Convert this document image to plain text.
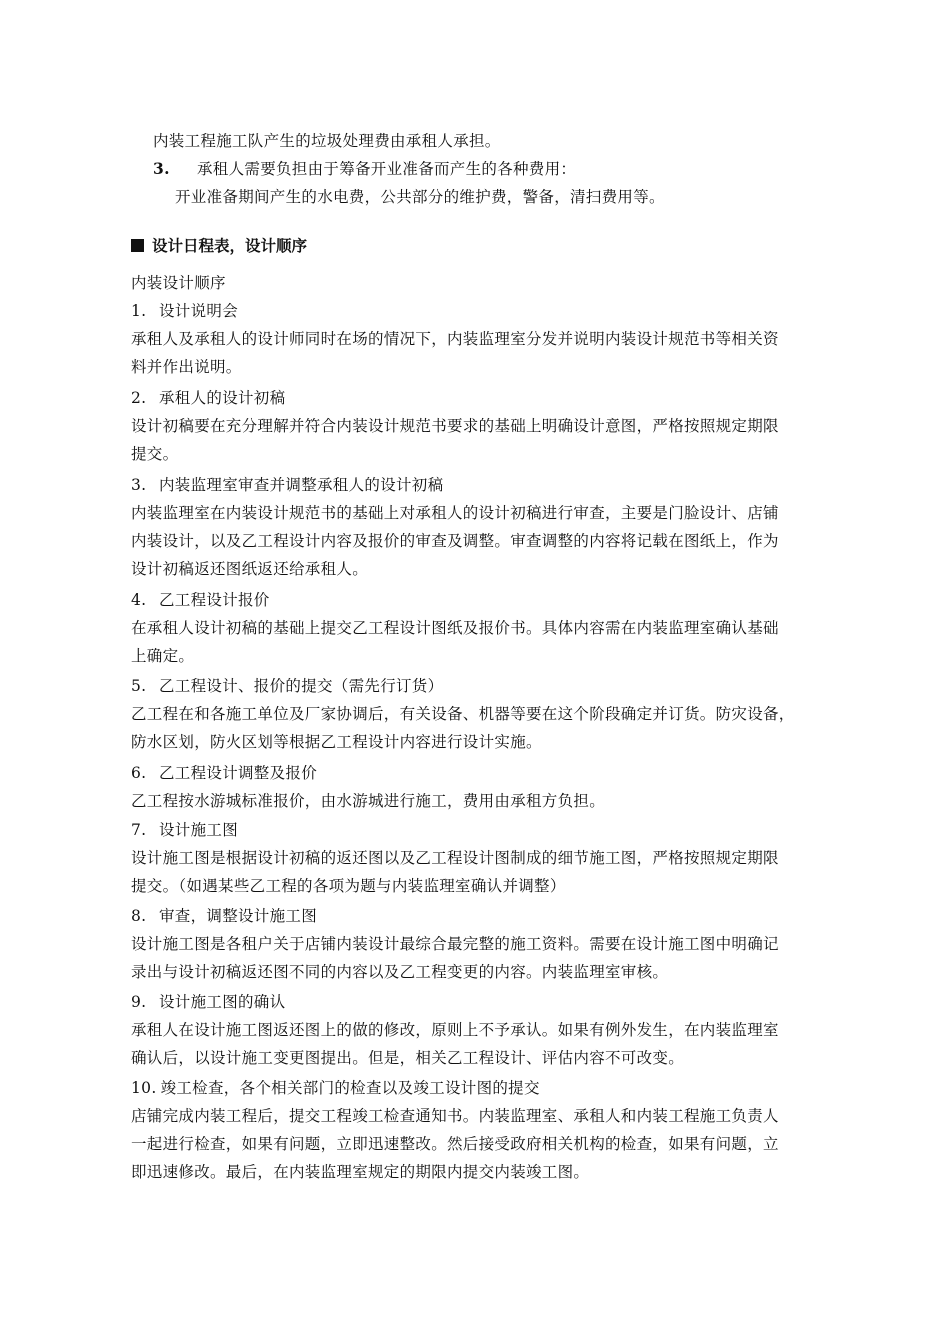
内装工程施工队产生的垃圾处理费由承租人承担。
3. 承租人需要负担由于筹备开业准备而产生的各种费用：
开业准备期间产生的水电费，公共部分的维护费，警备，清扫费用等。
设计日程表，设计顺序
内装设计顺序
1. 设计说明会
承租人及承租人的设计师同时在场的情况下，内装监理室分发并说明内装设计规范书等相关资
料并作出说明。
2. 承租人的设计初稿
设计初稿要在充分理解并符合内装设计规范书要求的基础上明确设计意图，严格按照规定期限
提交。
3. 内装监理室审查并调整承租人的设计初稿
内装监理室在内装设计规范书的基础上对承租人的设计初稿进行审查，主要是门脸设计、店铺
内装设计，以及乙工程设计内容及报价的审查及调整。审查调整的内容将记载在图纸上，作为
设计初稿返还图纸返还给承租人。
4. 乙工程设计报价
在承租人设计初稿的基础上提交乙工程设计图纸及报价书。具体内容需在内装监理室确认基础
上确定。
5. 乙工程设计、报价的提交（需先行订货）
乙工程在和各施工单位及厂家协调后，有关设备、机器等要在这个阶段确定并订货。防灾设备，
防水区划，防火区划等根据乙工程设计内容进行设计实施。
6. 乙工程设计调整及报价
乙工程按水游城标准报价，由水游城进行施工，费用由承租方负担。
7. 设计施工图
设计施工图是根据设计初稿的返还图以及乙工程设计图制成的细节施工图，严格按照规定期限
提交。（如遇某些乙工程的各项为题与内装监理室确认并调整）
8. 审查，调整设计施工图
设计施工图是各租户关于店铺内装设计最综合最完整的施工资料。需要在设计施工图中明确记
录出与设计初稿返还图不同的内容以及乙工程变更的内容。内装监理室审核。
9. 设计施工图的确认
承租人在设计施工图返还图上的做的修改，原则上不予承认。如果有例外发生，在内装监理室
确认后，以设计施工变更图提出。但是，相关乙工程设计、评估内容不可改变。
10. 竣工检查，各个相关部门的检查以及竣工设计图的提交
店铺完成内装工程后，提交工程竣工检查通知书。内装监理室、承租人和内装工程施工负责人
一起进行检查，如果有问题，立即迅速整改。然后接受政府相关机构的检查，如果有问题，立
即迅速修改。最后，在内装监理室规定的期限内提交内装竣工图。
